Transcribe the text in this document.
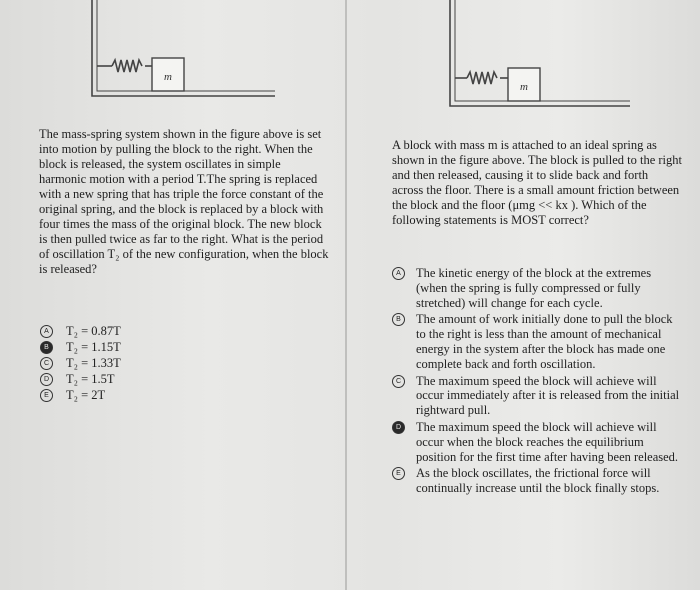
m
m
The mass-spring system shown in the figure above is set into motion by pulling the block to the right. When the block is released, the system oscillates in simple harmonic motion with a period T.The spring is replaced with a new spring that has triple the force constant of the original spring, and the block is replaced by a block with four times the mass of the original block. The new block is then pulled twice as far to the right. What is the period of oscillation T₂ of the new configuration, when the block is released?
A	T₂ = 0.87T
B	T₂ = 1.15T
C	T₂ = 1.33T
D	T₂ = 1.5T
E	T₂ = 2T
A block with mass m is attached to an ideal spring as shown in the figure above. The block is pulled to the right and then released, causing it to slide back and forth across the floor. There is a small amount friction between the block and the floor (μmg << kx ). Which of the following statements is MOST correct?
A	The kinetic energy of the block at the extremes (when the spring is fully compressed or fully stretched) will change for each cycle.
B	The amount of work initially done to pull the block to the right is less than the amount of mechanical energy in the system after the block has made one complete back and forth oscillation.
C	The maximum speed the block will achieve will occur immediately after it is released from the initial rightward pull.
D	The maximum speed the block will achieve will occur when the block reaches the equilibrium position for the first time after having been released.
E	As the block oscillates, the frictional force will continually increase until the block finally stops.
